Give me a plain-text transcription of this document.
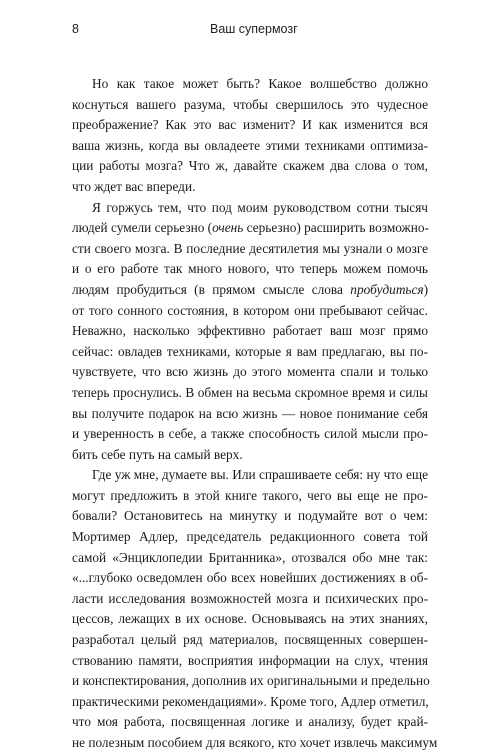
8	Ваш супермозг
Но как такое может быть? Какое волшебство должно
коснуться вашего разума, чтобы свершилось это чудесное
преображение? Как это вас изменит? И как изменится вся
ваша жизнь, когда вы овладеете этими техниками оптимиза-
ции работы мозга? Что ж, давайте скажем два слова о том,
что ждет вас впереди.
Я горжусь тем, что под моим руководством сотни тысяч
людей сумели серьезно (очень серьезно) расширить возможно-
сти своего мозга. В последние десятилетия мы узнали о мозге
и о его работе так много нового, что теперь можем помочь
людям пробудиться (в прямом смысле слова пробудиться)
от того сонного состояния, в котором они пребывают сейчас.
Неважно, насколько эффективно работает ваш мозг прямо
сейчас: овладев техниками, которые я вам предлагаю, вы по-
чувствуете, что всю жизнь до этого момента спали и только
теперь проснулись. В обмен на весьма скромное время и силы
вы получите подарок на всю жизнь — новое понимание себя
и уверенность в себе, а также способность силой мысли про-
бить себе путь на самый верх.
Где уж мне, думаете вы. Или спрашиваете себя: ну что еще
могут предложить в этой книге такого, чего вы еще не про-
бовали? Остановитесь на минутку и подумайте вот о чем:
Мортимер Адлер, председатель редакционного совета той
самой «Энциклопедии Британника», отозвался обо мне так:
«...глубоко осведомлен обо всех новейших достижениях в об-
ласти исследования возможностей мозга и психических про-
цессов, лежащих в их основе. Основываясь на этих знаниях,
разработал целый ряд материалов, посвященных совершен-
ствованию памяти, восприятия информации на слух, чтения
и конспектирования, дополнив их оригинальными и предельно
практическими рекомендациями». Кроме того, Адлер отметил,
что моя работа, посвященная логике и анализу, будет край-
не полезным пособием для всякого, кто хочет извлечь максимум
